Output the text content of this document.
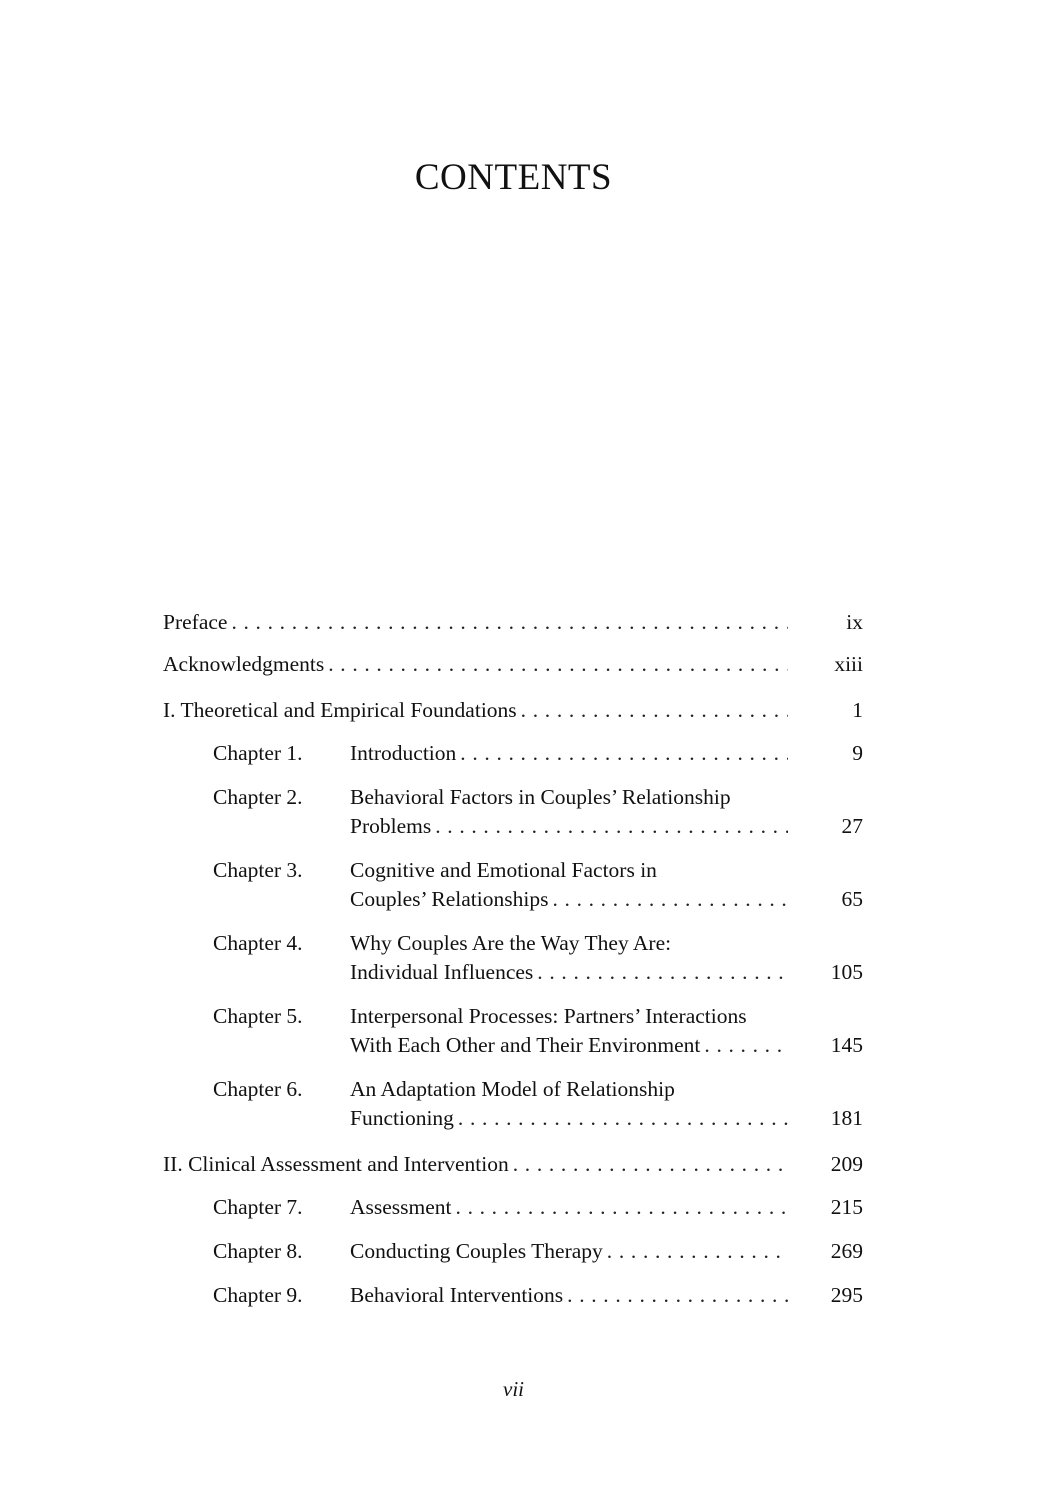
CONTENTS
Preface . . .	ix
Acknowledgments . . .	xiii
I. Theoretical and Empirical Foundations . . .	1
Chapter 1. Introduction . . .	9
Chapter 2. Behavioral Factors in Couples’ Relationship
Problems . . .	27
Chapter 3. Cognitive and Emotional Factors in
Couples’ Relationships . . .	65
Chapter 4. Why Couples Are the Way They Are:
Individual Influences . . .	105
Chapter 5. Interpersonal Processes: Partners’ Interactions
With Each Other and Their Environment . . .	145
Chapter 6. An Adaptation Model of Relationship
Functioning . . .	181
II. Clinical Assessment and Intervention . . .	209
Chapter 7. Assessment . . .	215
Chapter 8. Conducting Couples Therapy . . .	269
Chapter 9. Behavioral Interventions . . .	295
vii
